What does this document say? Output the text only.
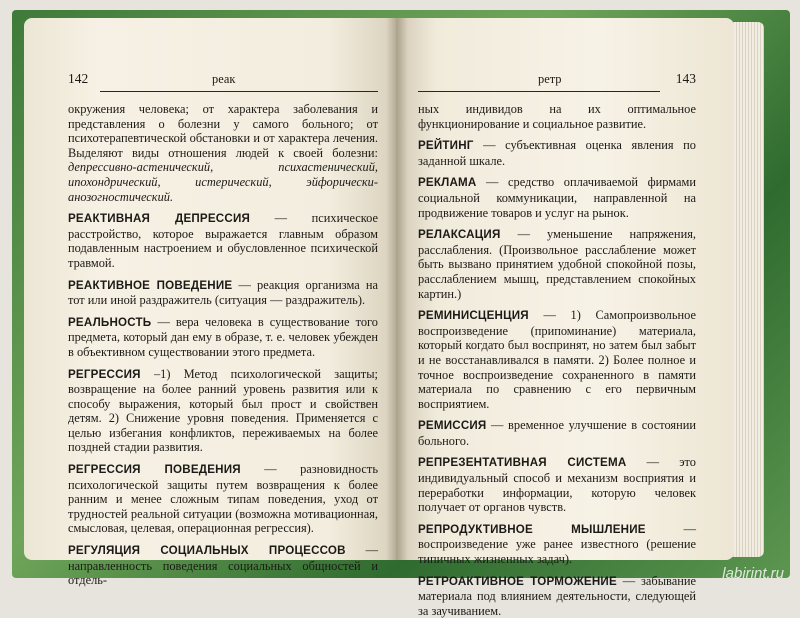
142	реак

окружения человека; от характера заболевания и представления о болезни у самого больного; от психотерапевтической обстановки и от характера лечения. Выделяют виды отношения людей к своей болезни: депрессивно-астенический, психастенический, ипохондрический, истерический, эйфорически-анозогностический.

РЕАКТИВНАЯ ДЕПРЕССИЯ — психическое расстройство, которое выражается главным образом подавленным настроением и обусловленное психической травмой.

РЕАКТИВНОЕ ПОВЕДЕНИЕ — реакция организма на тот или иной раздражитель (ситуация — раздражитель).

РЕАЛЬНОСТЬ — вера человека в существование того предмета, который дан ему в образе, т. е. человек убежден в объективном существовании этого предмета.

РЕГРЕССИЯ –1) Метод психологической защиты; возвращение на более ранний уровень развития или к способу выражения, который был прост и свойствен детям. 2) Снижение уровня поведения. Применяется с целью избегания конфликтов, переживаемых на более поздней стадии развития.

РЕГРЕССИЯ ПОВЕДЕНИЯ — разновидность психологической защиты путем возвращения к более ранним и менее сложным типам поведения, уход от трудностей реальной ситуации (возможна мотивационная, смысловая, целевая, операционная регрессия).

РЕГУЛЯЦИЯ СОЦИАЛЬНЫХ ПРОЦЕССОВ — направленность поведения социальных общностей и отдель-

ретр	143

ных индивидов на их оптимальное функционирование и социальное развитие.

РЕЙТИНГ — субъективная оценка явления по заданной шкале.

РЕКЛАМА — средство оплачиваемой фирмами социальной коммуникации, направленной на продвижение товаров и услуг на рынок.

РЕЛАКСАЦИЯ — уменьшение напряжения, расслабления. (Произвольное расслабление может быть вызвано принятием удобной спокойной позы, расслаблением мышц, представлением спокойных картин.)

РЕМИНИСЦЕНЦИЯ — 1) Самопроизвольное воспроизведение (припоминание) материала, который когдато был воспринят, но затем был забыт и не восстанавливался в памяти. 2) Более полное и точное воспроизведение сохраненного в памяти материала по сравнению с его первичным восприятием.

РЕМИССИЯ — временное улучшение в состоянии больного.

РЕПРЕЗЕНТАТИВНАЯ СИСТЕМА — это индивидуальный способ и механизм восприятия и переработки информации, которую человек получает от органов чувств.

РЕПРОДУКТИВНОЕ МЫШЛЕНИЕ — воспроизведение уже ранее известного (решение типичных жизненных задач).

РЕТРОАКТИВНОЕ ТОРМОЖЕНИЕ — забывание материала под влиянием деятельности, следующей за заучиванием.

labirint.ru
